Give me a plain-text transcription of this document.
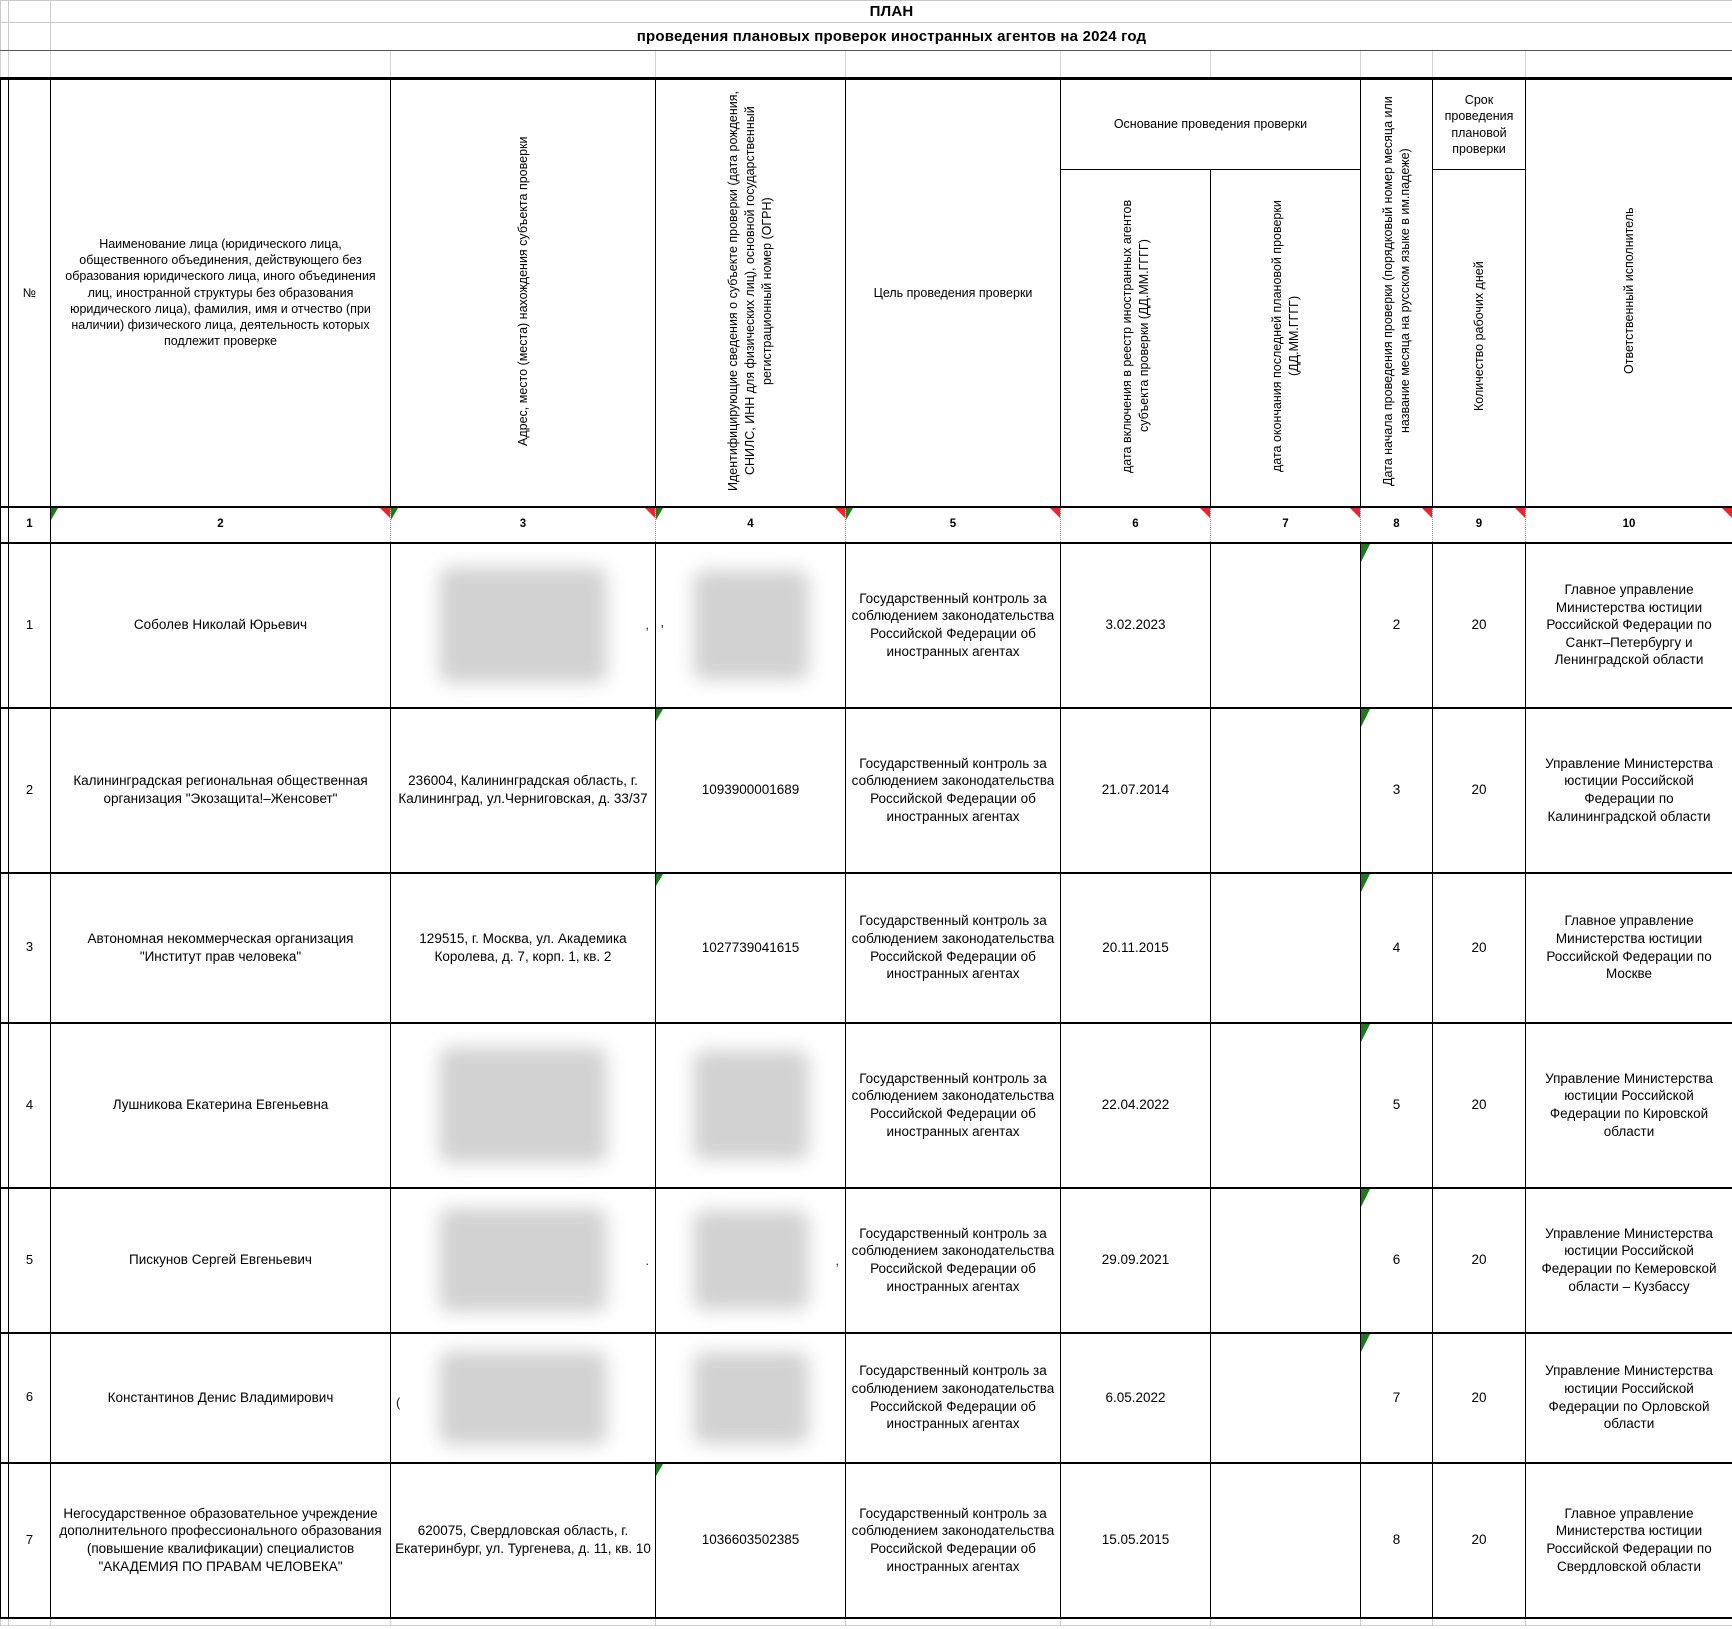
		ПЛАН								
		проведения плановых проверок иностранных агентов на 2024 год								

	№	Наименование лица (юридического лица, общественного объединения, действующего без образования юридического лица, иного объединения лиц, иностранной структуры без образования юридического лица), фамилия, имя и отчество (при наличии) физического лица, деятельность которых подлежит проверке	Адрес, место (места) нахождения субъекта проверки	Идентифицирующие сведения о субъекте проверки (дата рождения, СНИЛС, ИНН для физических лиц), основной государственный регистрационный номер (ОГРН)	Цель проведения проверки	Основание проведения проверки		Дата начала проведения проверки (порядковый номер месяца или название месяца на русском языке в им.падеже)	Срок проведения плановой проверки	Ответственный исполнитель
						дата включения в реестр иностранных агентов субъекта проверки (ДД.ММ.ГГГГ)	дата окончания последней плановой проверки (ДД.ММ.ГГГГ)		Количество рабочих дней	
	1	2	3	4	5	6	7	8	9	10
	1	Соболев Николай Юрьевич	,	'	Государственный контроль за соблюдением законодательства Российской Федерации об иностранных агентах	3.02.2023		2	20	Главное управление Министерства юстиции Российской Федерации по Санкт–Петербургу и Ленинградской области
	2	Калининградская региональная общественная организация "Экозащита!–Женсовет"	236004, Калининградская область, г. Калининград, ул.Черниговская, д. 33/37	1093900001689	Государственный контроль за соблюдением законодательства Российской Федерации об иностранных агентах	21.07.2014		3	20	Управление Министерства юстиции Российской Федерации по Калининградской области
	3	Автономная некоммерческая организация "Институт прав человека"	129515, г. Москва, ул. Академика Королева, д. 7, корп. 1, кв. 2	1027739041615	Государственный контроль за соблюдением законодательства Российской Федерации об иностранных агентах	20.11.2015		4	20	Главное управление Министерства юстиции Российской Федерации по Москве
	4	Лушникова Екатерина Евгеньевна			Государственный контроль за соблюдением законодательства Российской Федерации об иностранных агентах	22.04.2022		5	20	Управление Министерства юстиции Российской Федерации по Кировской области
	5	Пискунов Сергей Евгеньевич	.	,	Государственный контроль за соблюдением законодательства Российской Федерации об иностранных агентах	29.09.2021		6	20	Управление Министерства юстиции Российской Федерации по Кемеровской области – Кузбассу
	6	Константинов Денис Владимирович	(		Государственный контроль за соблюдением законодательства Российской Федерации об иностранных агентах	6.05.2022		7	20	Управление Министерства юстиции Российской Федерации по Орловской области
	7	Негосударственное образовательное учреждение дополнительного профессионального образования (повышение квалификации) специалистов "АКАДЕМИЯ ПО ПРАВАМ ЧЕЛОВЕКА"	620075, Свердловская область, г. Екатеринбург, ул. Тургенева, д. 11, кв. 10	1036603502385	Государственный контроль за соблюдением законодательства Российской Федерации об иностранных агентах	15.05.2015		8	20	Главное управление Министерства юстиции Российской Федерации по Свердловской области
